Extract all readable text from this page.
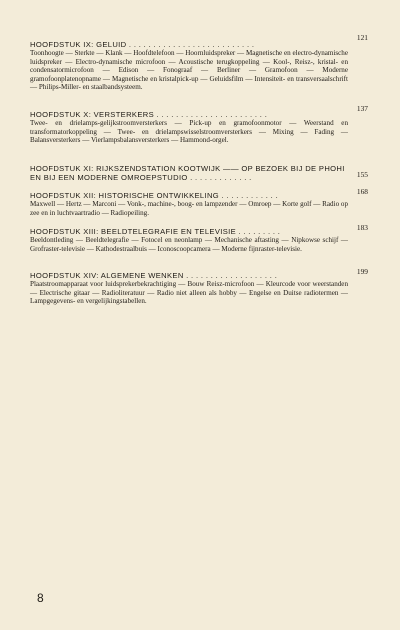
HOOFDSTUK IX: GELUID . . . . . . . . . . . . . . . . . . . . . . . . . .
Toonhoogte — Sterkte — Klank — Hoofdtelefoon — Hoornluidspreker — Magnetische en electro-dynamische luidspreker — Electro-dynamische microfoon — Acoustische terugkoppeling — Kool-, Reisz-, kristal- en condensatormicrofoon — Edison — Fonograaf — Berliner — Gramofoon — Moderne gramofoonplatenopname — Magnetische en kristalpick-up — Geluidsfilm — Intensiteit- en transversaalschrift — Philips-Miller- en staalbandsysteem.
121
HOOFDSTUK X: VERSTERKERS . . . . . . . . . . . . . . . . . . . . . . .
Twee- en drielamps-gelijkstroomversterkers — Pick-up en gramofoonmotor — Weerstand en transformatorkoppeling — Twee- en drielampswisselstroomversterkers — Mixing — Fading — Balansversterkers — Vierlampsbalansversterkers — Hammond-orgel.
137
HOOFDSTUK XI: RIJKSZENDSTATION KOOTWIJK —— OP BEZOEK BIJ DE PHOHI EN BIJ EEN MODERNE OMROEPSTUDIO . . . . . . . . . . . . .	155
HOOFDSTUK XII: HISTORISCHE ONTWIKKELING . . . . . . . . . . . .
Maxwell — Hertz — Marconi — Vonk-, machine-, boog- en lampzender — Omroep — Korte golf — Radio op zee en in luchtvaartradio — Radiopeiling.
168
HOOFDSTUK XIII: BEELDTELEGRAFIE EN TELEVISIE . . . . . . . . .
Beeldontleding — Beeldtelegrafie — Fotocel en neonlamp — Mechanische aftasting — Nipkowse schijf — Grofraster-televisie — Kathodestraalbuis — Iconoscoopcamera — Moderne fijnraster-televisie.
183
HOOFDSTUK XIV: ALGEMENE WENKEN . . . . . . . . . . . . . . . . . . .
Plaatstroomapparaat voor luidsprekerbekrachtiging — Bouw Reisz-microfoon — Kleurcode voor weerstanden — Electrische gitaar — Radioliteratuur — Radio niet alleen als hobby — Engelse en Duitse radiotermen — Lampgegevens- en vergelijkingstabellen.
199
8
